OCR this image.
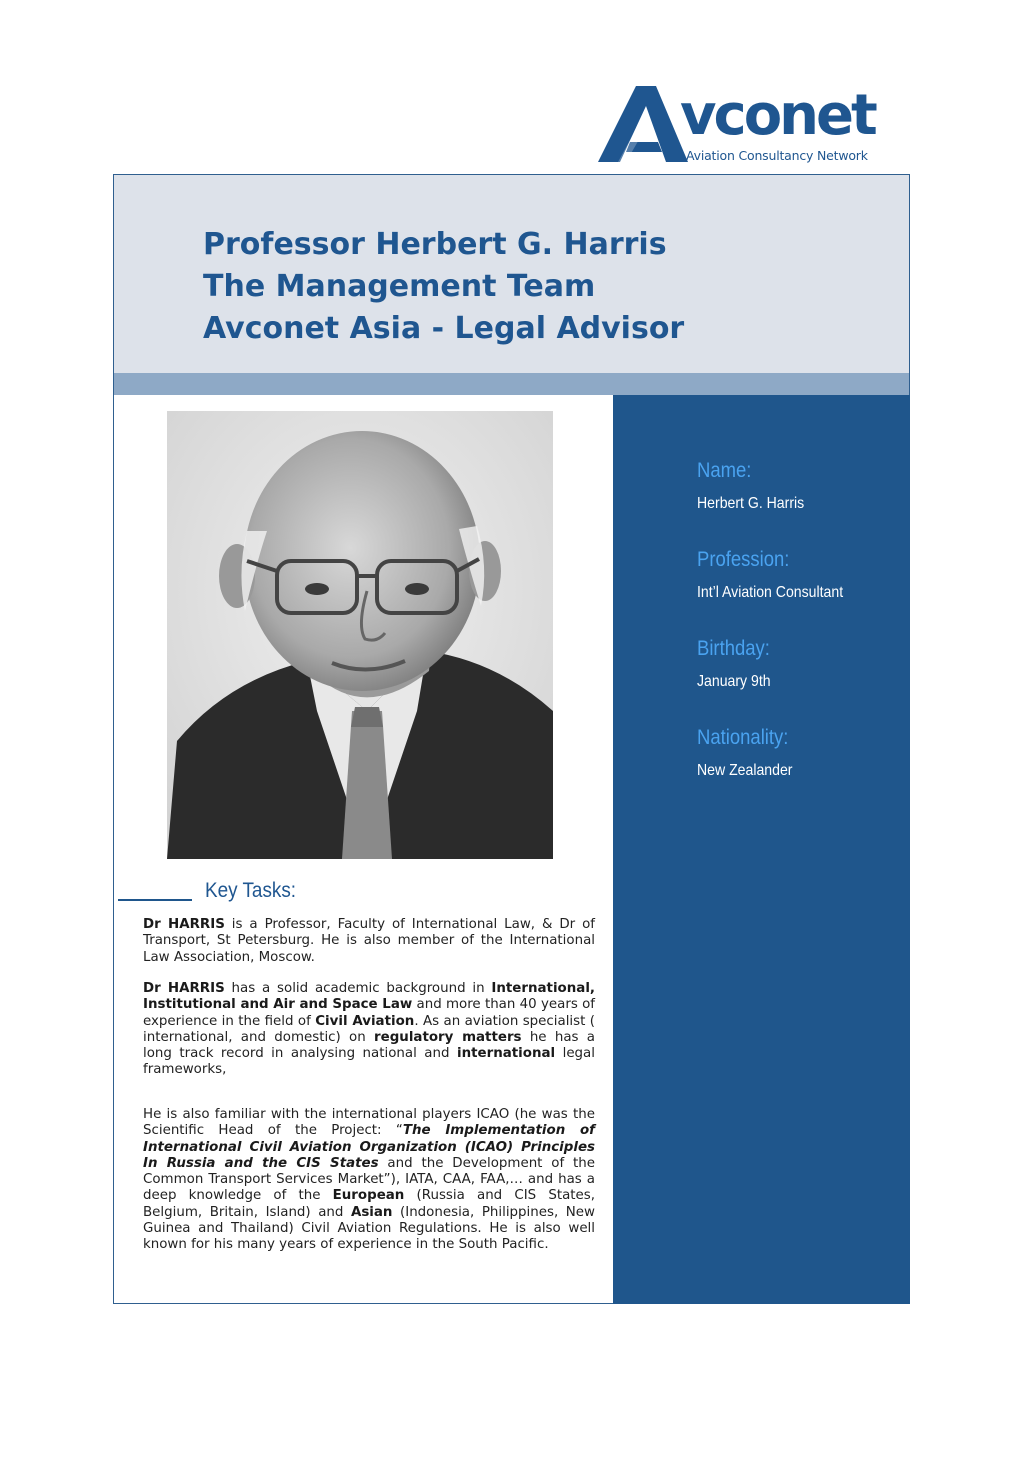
vconet
Aviation Consultancy Network
Professor Herbert G. Harris
The Management Team
Avconet Asia - Legal Advisor
Key Tasks:
Dr HARRIS is a Professor, Faculty of International Law, & Dr of Transport, St Petersburg. He is also member of the International Law Association, Moscow.
Dr HARRIS has a solid academic background in International, Institutional and Air and Space Law and more than 40 years of experience in the field of Civil Aviation. As an aviation specialist ( international, and domestic) on regulatory matters he has a long track record in analysing national and international legal frameworks,
He is also familiar with the international players ICAO (he was the Scientific Head of the Project: “The Implementation of International Civil Aviation Organization (ICAO) Principles In Russia and the CIS States and the Development of the Common Transport Services Market”), IATA, CAA, FAA,… and has a deep knowledge of the European (Russia and CIS States, Belgium, Britain, Island) and Asian (Indonesia, Philippines, New Guinea and Thailand) Civil Aviation Regulations. He is also well known for his many years of experience in the South Pacific.
Name:
Herbert G. Harris
Profession:
Int’l Aviation Consultant
Birthday:
January 9th
Nationality:
New Zealander
